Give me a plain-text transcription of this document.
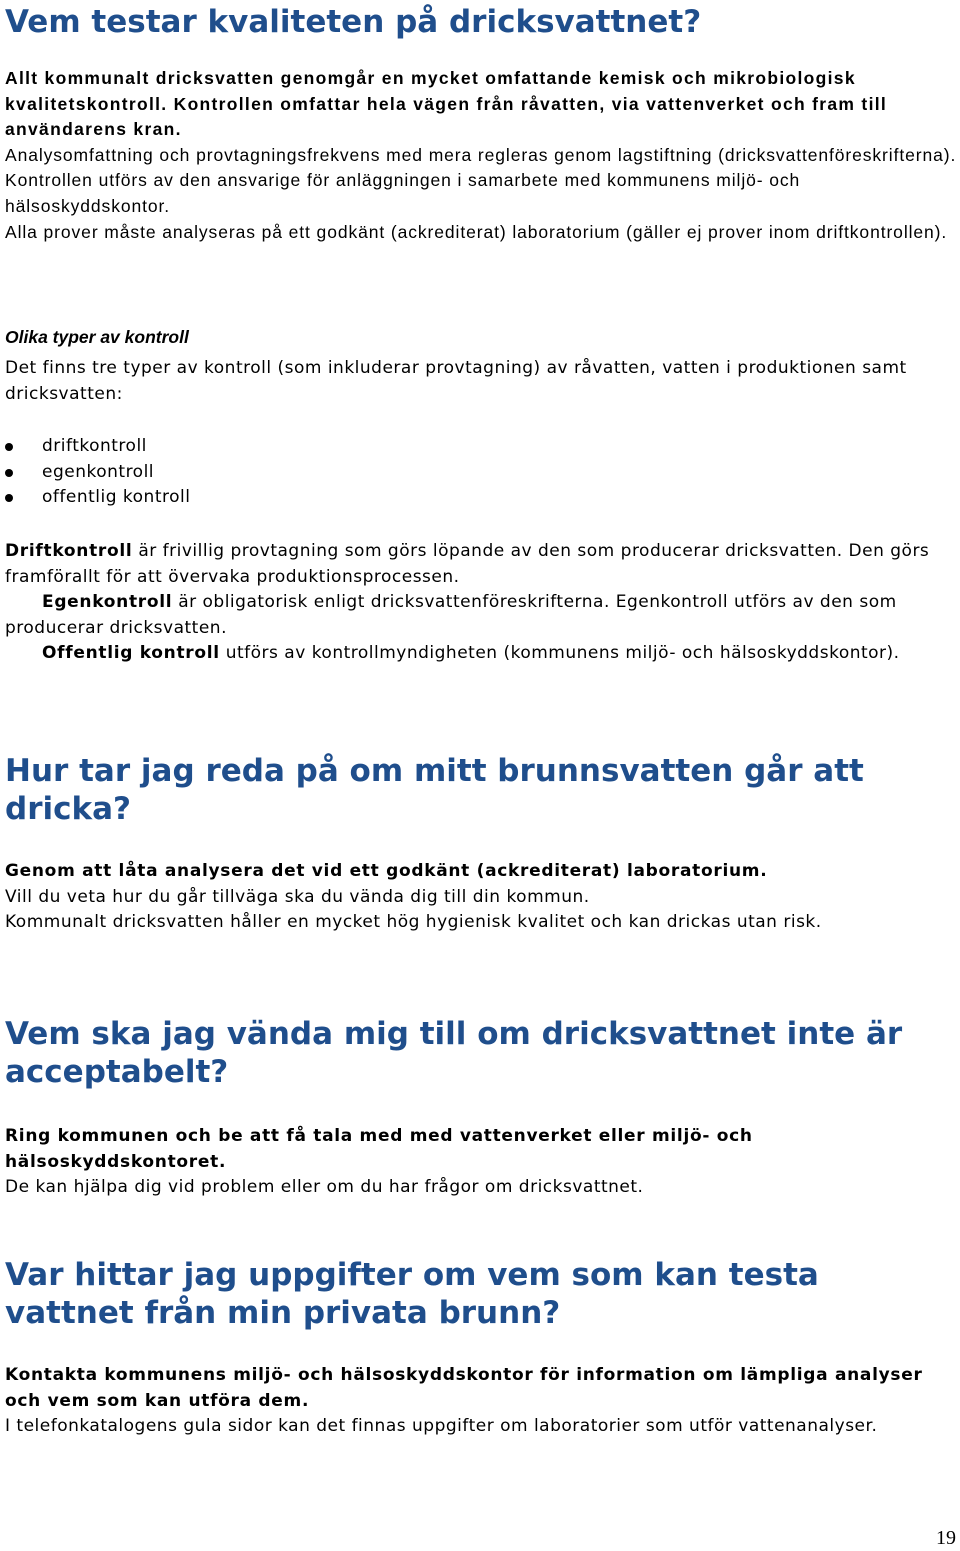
Vem testar kvaliteten på dricksvattnet?

Allt kommunalt dricksvatten genomgår en mycket omfattande kemisk och mikrobiologisk kvalitetskontroll. Kontrollen omfattar hela vägen från råvatten, via vattenverket och fram till användarens kran.

Analysomfattning och provtagningsfrekvens med mera regleras genom lagstiftning (dricksvattenföreskrifterna).

Kontrollen utförs av den ansvarige för anläggningen i samarbete med kommunens miljö- och hälsoskyddskontor.

Alla prover måste analyseras på ett godkänt (ackrediterat) laboratorium (gäller ej prover inom driftkontrollen).

Olika typer av kontroll

Det finns tre typer av kontroll (som inkluderar provtagning) av råvatten, vatten i produktionen samt dricksvatten:

driftkontroll
egenkontroll
offentlig kontroll

Driftkontroll är frivillig provtagning som görs löpande av den som producerar dricksvatten. Den görs framförallt för att övervaka produktionsprocessen.

Egenkontroll är obligatorisk enligt dricksvattenföreskrifterna. Egenkontroll utförs av den som producerar dricksvatten.

Offentlig kontroll utförs av kontrollmyndigheten (kommunens miljö- och hälsoskyddskontor).

Hur tar jag reda på om mitt brunnsvatten går att dricka?

Genom att låta analysera det vid ett godkänt (ackrediterat) laboratorium.

Vill du veta hur du går tillväga ska du vända dig till din kommun.

Kommunalt dricksvatten håller en mycket hög hygienisk kvalitet och kan drickas utan risk.

Vem ska jag vända mig till om dricksvattnet inte är acceptabelt?

Ring kommunen och be att få tala med med vattenverket eller miljö- och hälsoskyddskontoret.

De kan hjälpa dig vid problem eller om du har frågor om dricksvattnet.

Var hittar jag uppgifter om vem som kan testa vattnet från min privata brunn?

Kontakta kommunens miljö- och hälsoskyddskontor för information om lämpliga analyser och vem som kan utföra dem.

I telefonkatalogens gula sidor kan det finnas uppgifter om laboratorier som utför vattenanalyser.

19
